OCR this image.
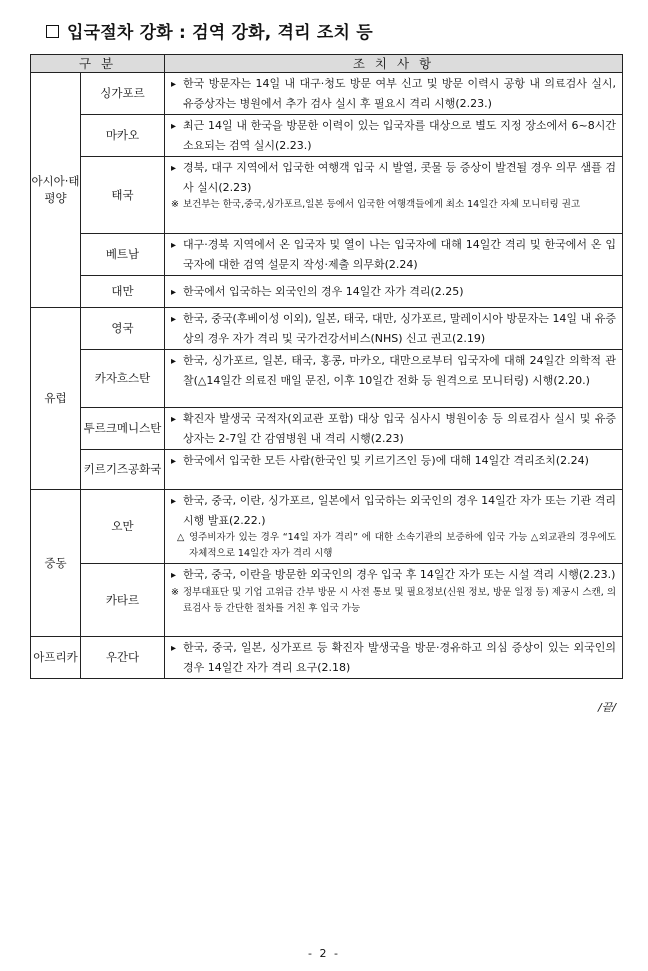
입국절차 강화 : 검역 강화, 격리 조치 등
구 분		조 치 사 항
아시아·태평양	싱가포르	▸ 한국 방문자는 14일 내 대구·청도 방문 여부 신고 및 방문 이력시 공항 내 의료검사 실시, 유증상자는 병원에서 추가 검사 실시 후 필요시 격리 시행(2.23.)

	마카오	▸ 최근 14일 내 한국을 방문한 이력이 있는 입국자를 대상으로 별도 지정 장소에서 6~8시간 소요되는 검역 실시(2.23.)

	태국	▸ 경북, 대구 지역에서 입국한 여행객 입국 시 발열, 콧물 등 증상이 발견될 경우 의무 샘플 검사 실시(2.23)
※ 보건부는 한국,중국,싱가포르,일본 등에서 입국한 여행객들에게 최소 14일간 자체 모니터링 권고

	베트남	▸ 대구·경북 지역에서 온 입국자 및 열이 나는 입국자에 대해 14일간 격리 및 한국에서 온 입국자에 대한 검역 설문지 작성·제출 의무화(2.24)

	대만	▸ 한국에서 입국하는 외국인의 경우 14일간 자가 격리(2.25)

유럽	영국	▸ 한국, 중국(후베이성 이외), 일본, 태국, 대만, 싱가포르, 말레이시아 방문자는 14일 내 유증상의 경우 자가 격리 및 국가건강서비스(NHS) 신고 권고(2.19)

	카자흐스탄	▸ 한국, 싱가포르, 일본, 태국, 홍콩, 마카오, 대만으로부터 입국자에 대해 24일간 의학적 관찰(△14일간 의료진 매일 문진, 이후 10일간 전화 등 원격으로 모니터링) 시행(2.20.)

	투르크메니스탄	▸ 확진자 발생국 국적자(외교관 포함) 대상 입국 심사시 병원이송 등 의료검사 실시 및 유증상자는 2-7일 간 감염병원 내 격리 시행(2.23)

	키르기즈공화국	▸ 한국에서 입국한 모든 사람(한국인 및 키르기즈인 등)에 대해 14일간 격리조치(2.24)

중동	오만	▸ 한국, 중국, 이란, 싱가포르, 일본에서 입국하는 외국인의 경우 14일간 자가 또는 기관 격리 시행 발표(2.22.)
△ 영주비자가 있는 경우 “14일 자가 격리” 에 대한 소속기관의 보증하에 입국 가능 △외교관의 경우에도 자체적으로 14일간 자가 격리 시행

	카타르	▸ 한국, 중국, 이란을 방문한 외국인의 경우 입국 후 14일간 자가 또는 시설 격리 시행(2.23.)
※ 정부대표단 및 기업 고위급 간부 방문 시 사전 통보 및 필요정보(신원 정보, 방문 일정 등) 제공시 스캔, 의료검사 등 간단한 절차를 거친 후 입국 가능

아프리카	우간다	▸ 한국, 중국, 일본, 싱가포르 등 확진자 발생국을 방문·경유하고 의심 증상이 있는 외국인의 경우 14일간 자가 격리 요구(2.18)
/끝/
- 2 -
